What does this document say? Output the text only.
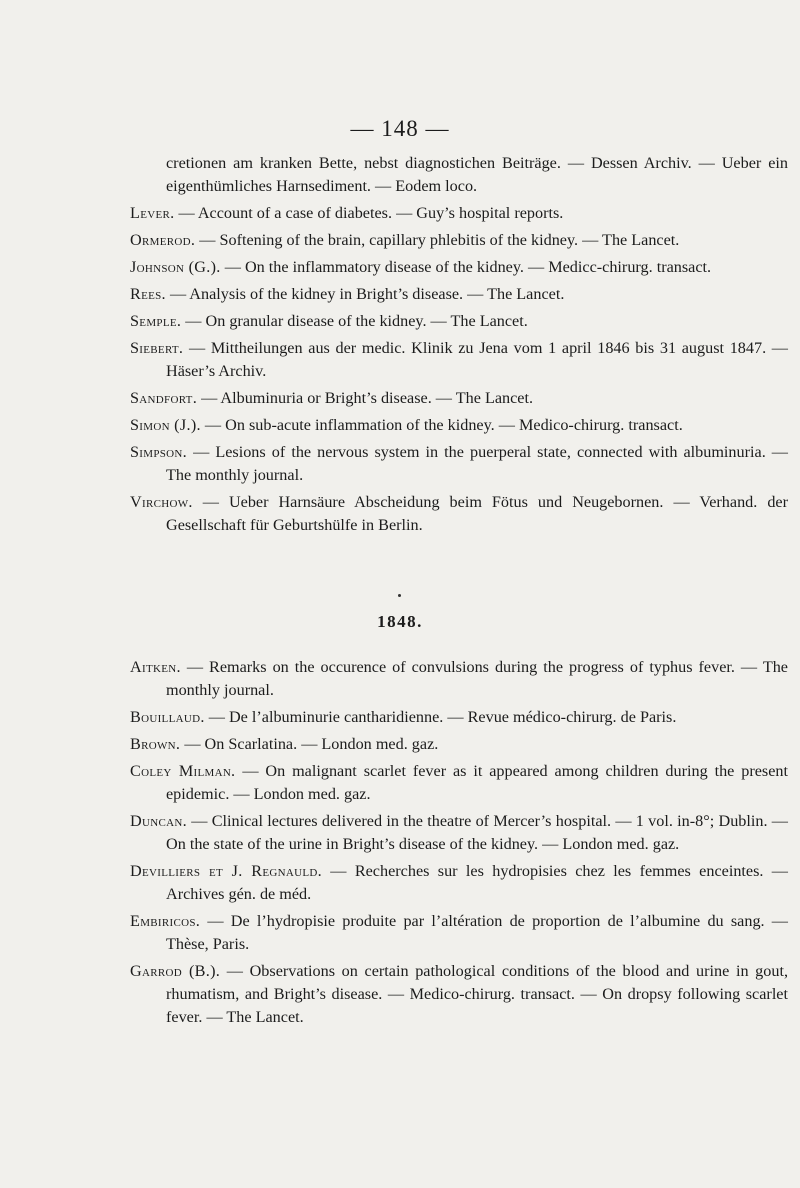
— 148 —
cretionen am kranken Bette, nebst diagnostichen Beiträge. — Dessen Archiv. — Ueber ein eigenthümliches Harnsediment. — Eodem loco.
Lever. — Account of a case of diabetes. — Guy’s hospital reports.
Ormerod. — Softening of the brain, capillary phlebitis of the kidney. — The Lancet.
Johnson (G.). — On the inflammatory disease of the kidney. — Medicc-chirurg. transact.
Rees. — Analysis of the kidney in Bright’s disease. — The Lancet.
Semple. — On granular disease of the kidney. — The Lancet.
Siebert. — Mittheilungen aus der medic. Klinik zu Jena vom 1 april 1846 bis 31 august 1847. — Häser’s Archiv.
Sandfort. — Albuminuria or Bright’s disease. — The Lancet.
Simon (J.). — On sub-acute inflammation of the kidney. — Medico-chirurg. transact.
Simpson. — Lesions of the nervous system in the puerperal state, connected with albuminuria. — The monthly journal.
Virchow. — Ueber Harnsäure Abscheidung beim Fötus und Neugebornen. — Verhand. der Gesellschaft für Geburtshülfe in Berlin.
1848.
Aitken. — Remarks on the occurence of convulsions during the progress of typhus fever. — The monthly journal.
Bouillaud. — De l’albuminurie cantharidienne. — Revue médico-chirurg. de Paris.
Brown. — On Scarlatina. — London med. gaz.
Coley Milman. — On malignant scarlet fever as it appeared among children during the present epidemic. — London med. gaz.
Duncan. — Clinical lectures delivered in the theatre of Mercer’s hospital. — 1 vol. in-8°; Dublin. — On the state of the urine in Bright’s disease of the kidney. — London med. gaz.
Devilliers et J. Regnauld. — Recherches sur les hydropisies chez les femmes enceintes. — Archives gén. de méd.
Embiricos. — De l’hydropisie produite par l’altération de proportion de l’albumine du sang. — Thèse, Paris.
Garrod (B.). — Observations on certain pathological conditions of the blood and urine in gout, rhumatism, and Bright’s disease. — Medico-chirurg. transact. — On dropsy following scarlet fever. — The Lancet.
